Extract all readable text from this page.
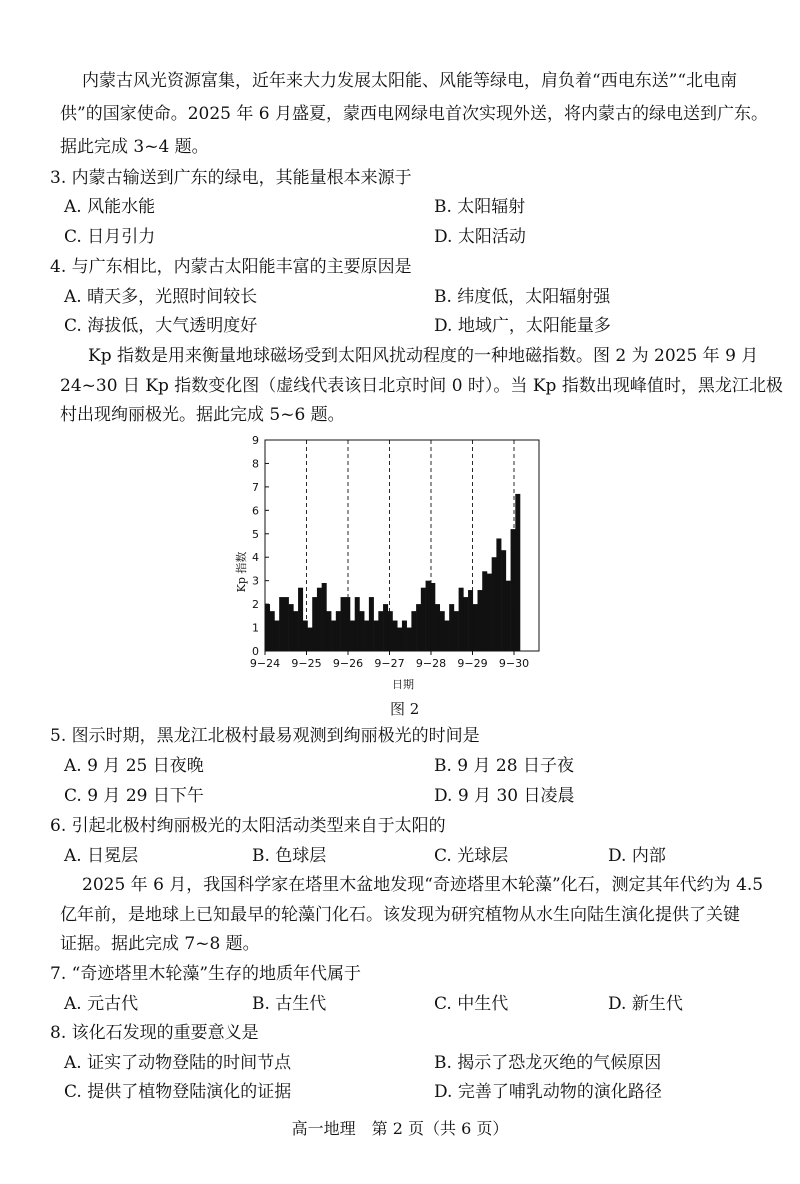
内蒙古风光资源富集，近年来大力发展太阳能、风能等绿电，肩负着“西电东送”“北电南
供”的国家使命。2025 年 6 月盛夏，蒙西电网绿电首次实现外送，将内蒙古的绿电送到广东。
据此完成 3~4 题。
3. 内蒙古输送到广东的绿电，其能量根本来源于
A. 风能水能	B. 太阳辐射
C. 日月引力	D. 太阳活动
4. 与广东相比，内蒙古太阳能丰富的主要原因是
A. 晴天多，光照时间较长	B. 纬度低，太阳辐射强
C. 海拔低，大气透明度好	D. 地域广，太阳能量多
Kp 指数是用来衡量地球磁场受到太阳风扰动程度的一种地磁指数。图 2 为 2025 年 9 月
24~30 日 Kp 指数变化图（虚线代表该日北京时间 0 时）。当 Kp 指数出现峰值时，黑龙江北极
村出现绚丽极光。据此完成 5~6 题。
0
1
2
3
4
5
6
7
8
9
9−24 9−25 9−26 9−27 9−28 9−29 9−30
Kp 指数
日期
图 2
5. 图示时期，黑龙江北极村最易观测到绚丽极光的时间是
A. 9 月 25 日夜晚	B. 9 月 28 日子夜
C. 9 月 29 日下午	D. 9 月 30 日凌晨
6. 引起北极村绚丽极光的太阳活动类型来自于太阳的
A. 日冕层	B. 色球层	C. 光球层	D. 内部
2025 年 6 月，我国科学家在塔里木盆地发现“奇迹塔里木轮藻”化石，测定其年代约为 4.5
亿年前，是地球上已知最早的轮藻门化石。该发现为研究植物从水生向陆生演化提供了关键
证据。据此完成 7~8 题。
7. “奇迹塔里木轮藻”生存的地质年代属于
A. 元古代	B. 古生代	C. 中生代	D. 新生代
8. 该化石发现的重要意义是
A. 证实了动物登陆的时间节点	B. 揭示了恐龙灭绝的气候原因
C. 提供了植物登陆演化的证据	D. 完善了哺乳动物的演化路径
高一地理　第 2 页（共 6 页）
